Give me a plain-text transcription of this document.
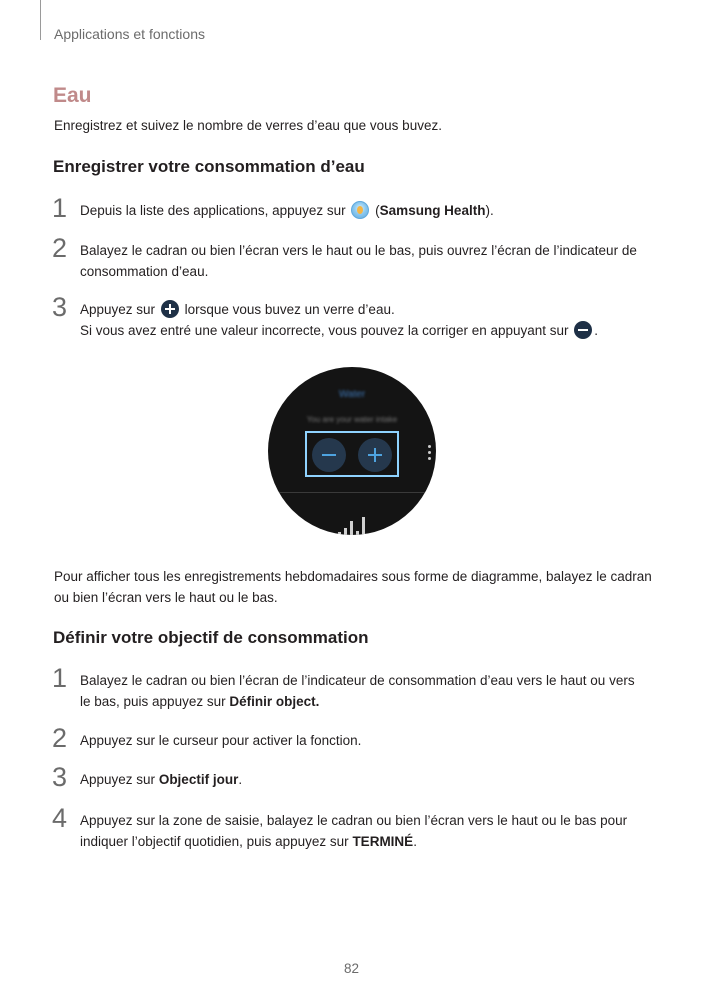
Applications et fonctions
Eau
Enregistrez et suivez le nombre de verres d’eau que vous buvez.
Enregistrer votre consommation d’eau
1 Depuis la liste des applications, appuyez sur  (Samsung Health).
2 Balayez le cadran ou bien l’écran vers le haut ou le bas, puis ouvrez l’écran de l’indicateur de consommation d’eau.
3 Appuyez sur lorsque vous buvez un verre d’eau.
Si vous avez entré une valeur incorrecte, vous pouvez la corriger en appuyant sur .
Water
You are your water intake
Pour afficher tous les enregistrements hebdomadaires sous forme de diagramme, balayez le cadran ou bien l’écran vers le haut ou le bas.
Définir votre objectif de consommation
1 Balayez le cadran ou bien l’écran de l’indicateur de consommation d’eau vers le haut ou vers le bas, puis appuyez sur Définir object.
2 Appuyez sur le curseur pour activer la fonction.
3 Appuyez sur Objectif jour.
4 Appuyez sur la zone de saisie, balayez le cadran ou bien l’écran vers le haut ou le bas pour indiquer l’objectif quotidien, puis appuyez sur TERMINÉ.
82
